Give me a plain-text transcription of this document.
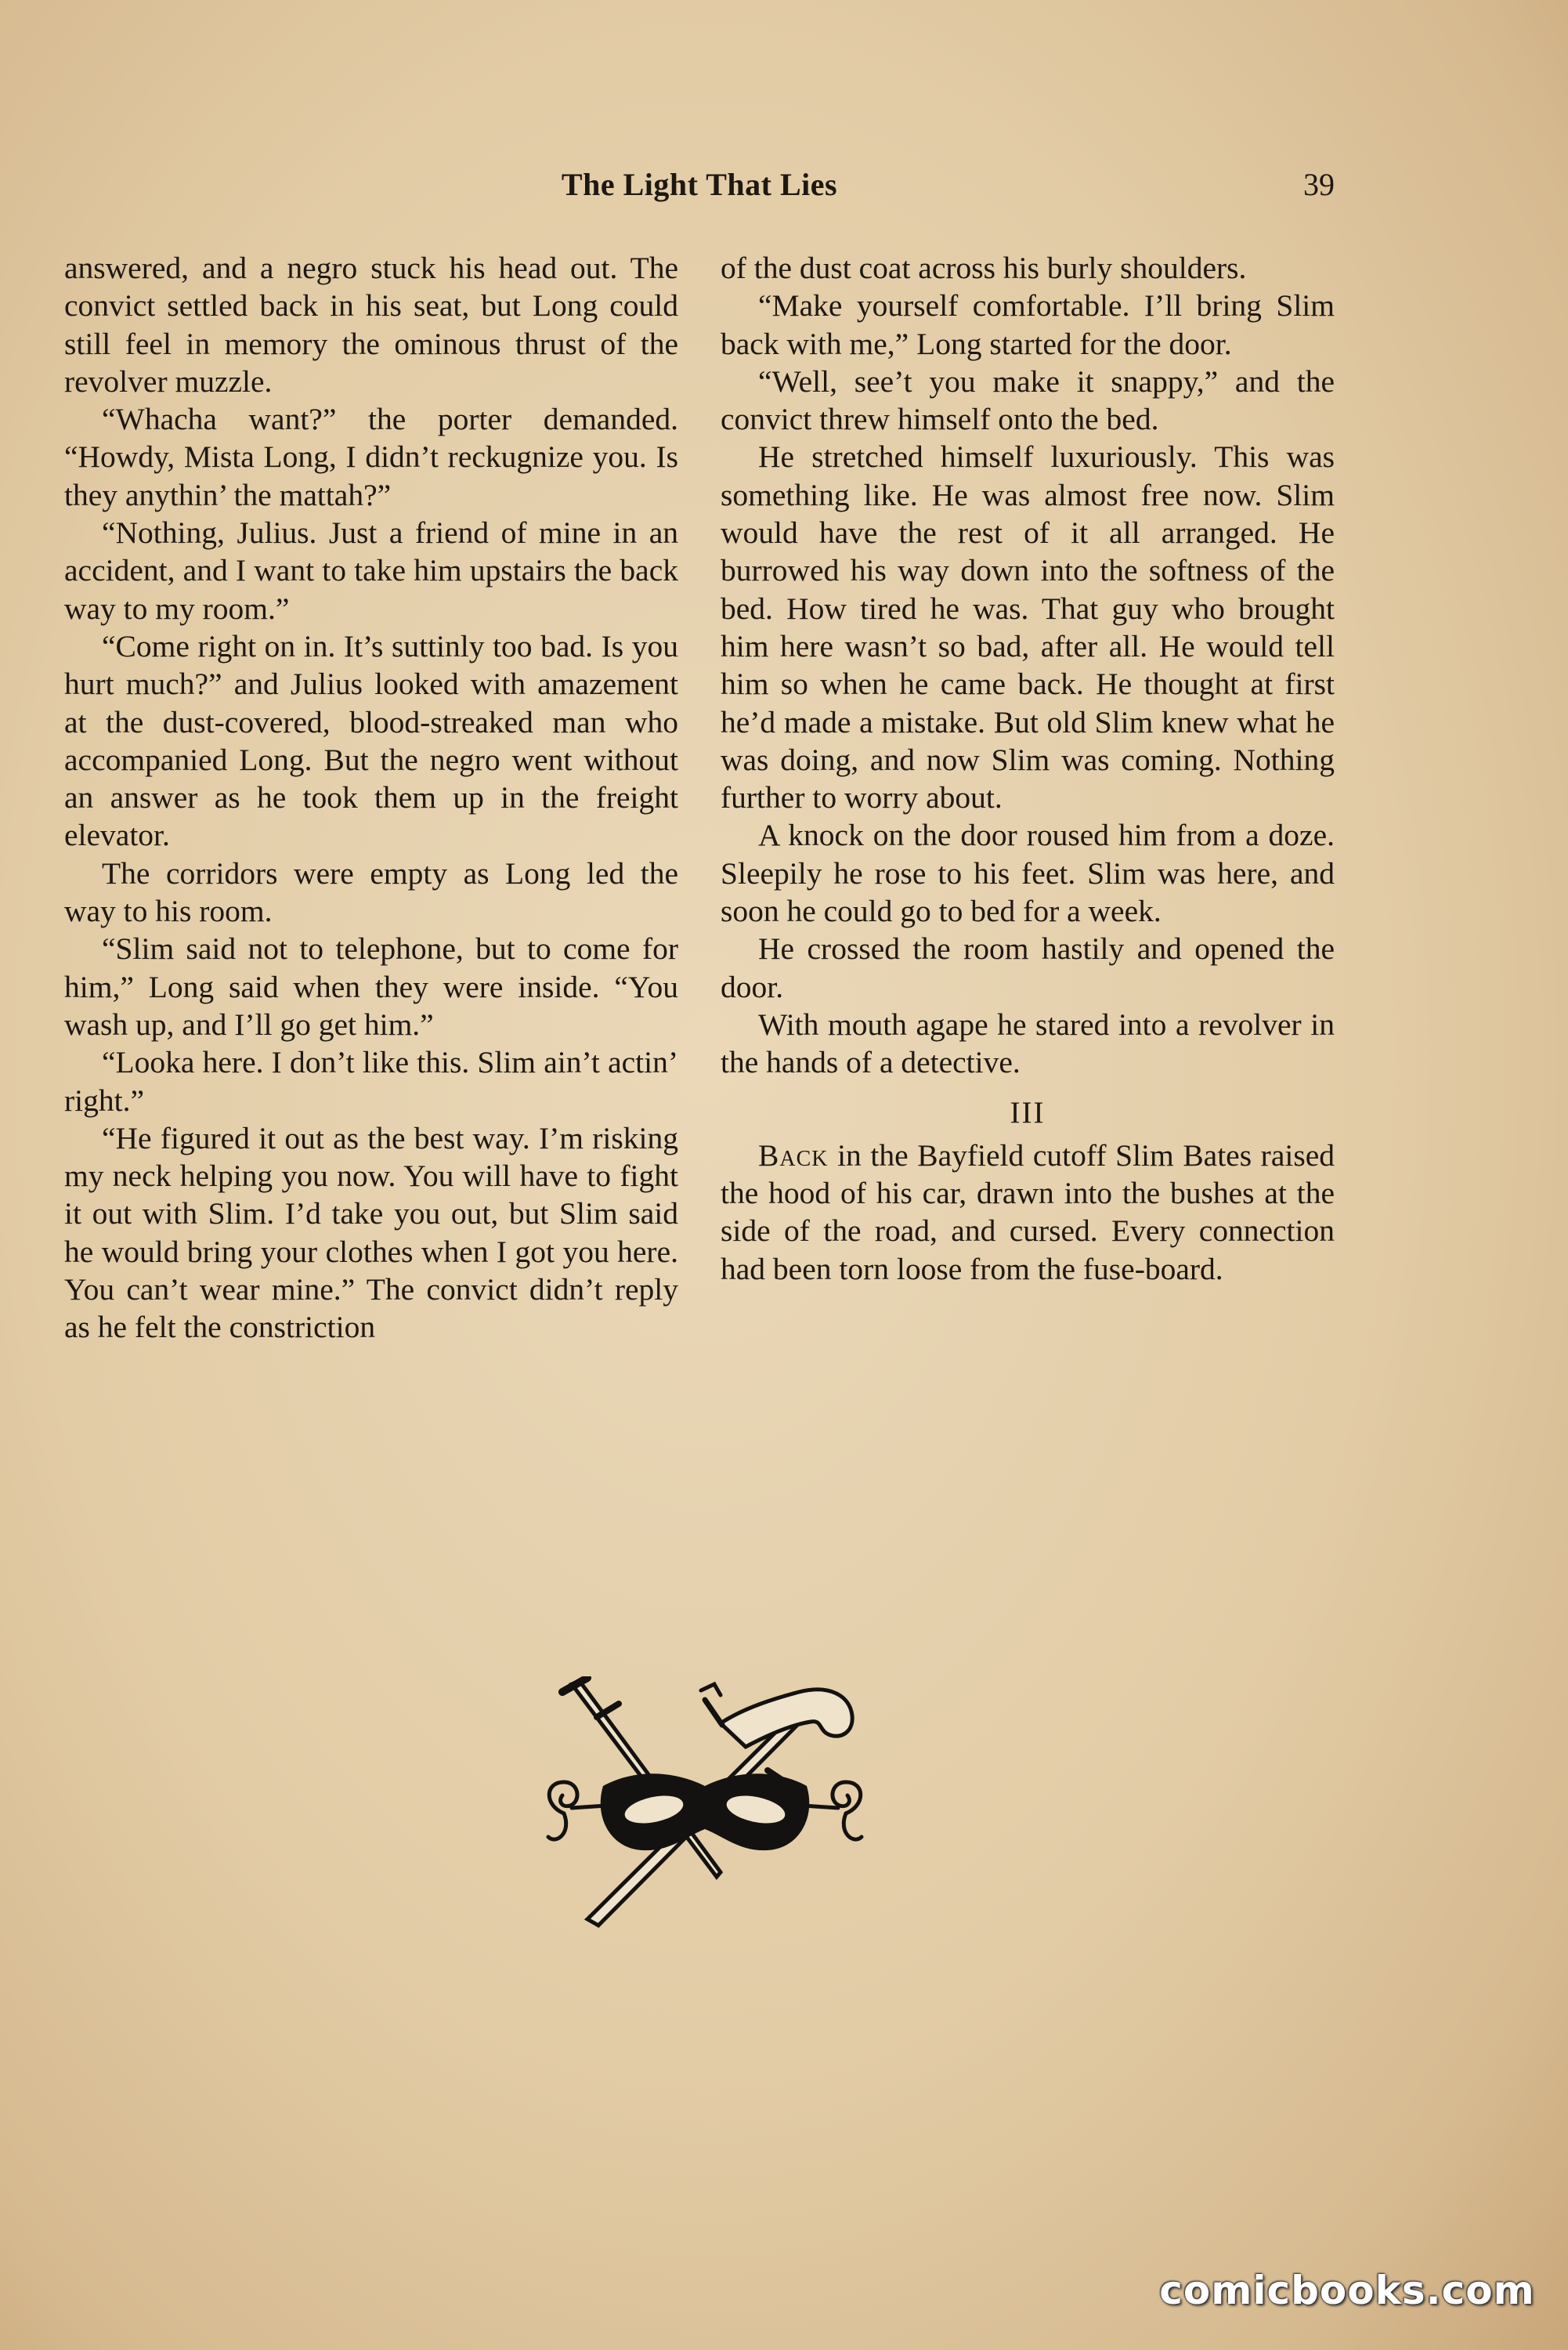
The Light That Lies	39

answered, and a negro stuck his head out. The convict settled back in his seat, but Long could still feel in memory the ominous thrust of the revolver muzzle.

“Whacha want?” the porter demanded. “Howdy, Mista Long, I didn’t reckugnize you. Is they anythin’ the mattah?”

“Nothing, Julius. Just a friend of mine in an accident, and I want to take him upstairs the back way to my room.”

“Come right on in. It’s suttinly too bad. Is you hurt much?” and Julius looked with amazement at the dust-covered, blood-streaked man who accompanied Long. But the negro went without an answer as he took them up in the freight elevator.

The corridors were empty as Long led the way to his room.

“Slim said not to telephone, but to come for him,” Long said when they were inside. “You wash up, and I’ll go get him.”

“Looka here. I don’t like this. Slim ain’t actin’ right.”

“He figured it out as the best way. I’m risking my neck helping you now. You will have to fight it out with Slim. I’d take you out, but Slim said he would bring your clothes when I got you here. You can’t wear mine.” The convict didn’t reply as he felt the constriction

of the dust coat across his burly shoulders.

“Make yourself comfortable. I’ll bring Slim back with me,” Long started for the door.

“Well, see’t you make it snappy,” and the convict threw himself onto the bed.

He stretched himself luxuriously. This was something like. He was almost free now. Slim would have the rest of it all arranged. He burrowed his way down into the softness of the bed. How tired he was. That guy who brought him here wasn’t so bad, after all. He would tell him so when he came back. He thought at first he’d made a mistake. But old Slim knew what he was doing, and now Slim was coming. Nothing further to worry about.

A knock on the door roused him from a doze. Sleepily he rose to his feet. Slim was here, and soon he could go to bed for a week.

He crossed the room hastily and opened the door.

With mouth agape he stared into a revolver in the hands of a detective.

III

Back in the Bayfield cutoff Slim Bates raised the hood of his car, drawn into the bushes at the side of the road, and cursed. Every connection had been torn loose from the fuse-board.

comicbooks.com
